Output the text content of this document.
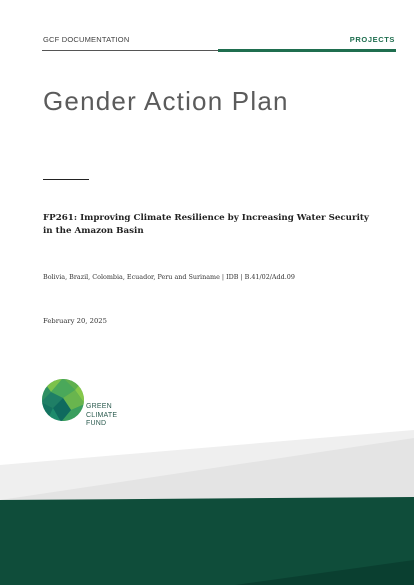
GCF DOCUMENTATION	PROJECTS
Gender Action Plan
FP261: Improving Climate Resilience by Increasing Water Security in the Amazon Basin
Bolivia, Brazil, Colombia, Ecuador, Peru and Suriname | IDB | B.41/02/Add.09
February 20, 2025
GREEN
CLIMATE
FUND
